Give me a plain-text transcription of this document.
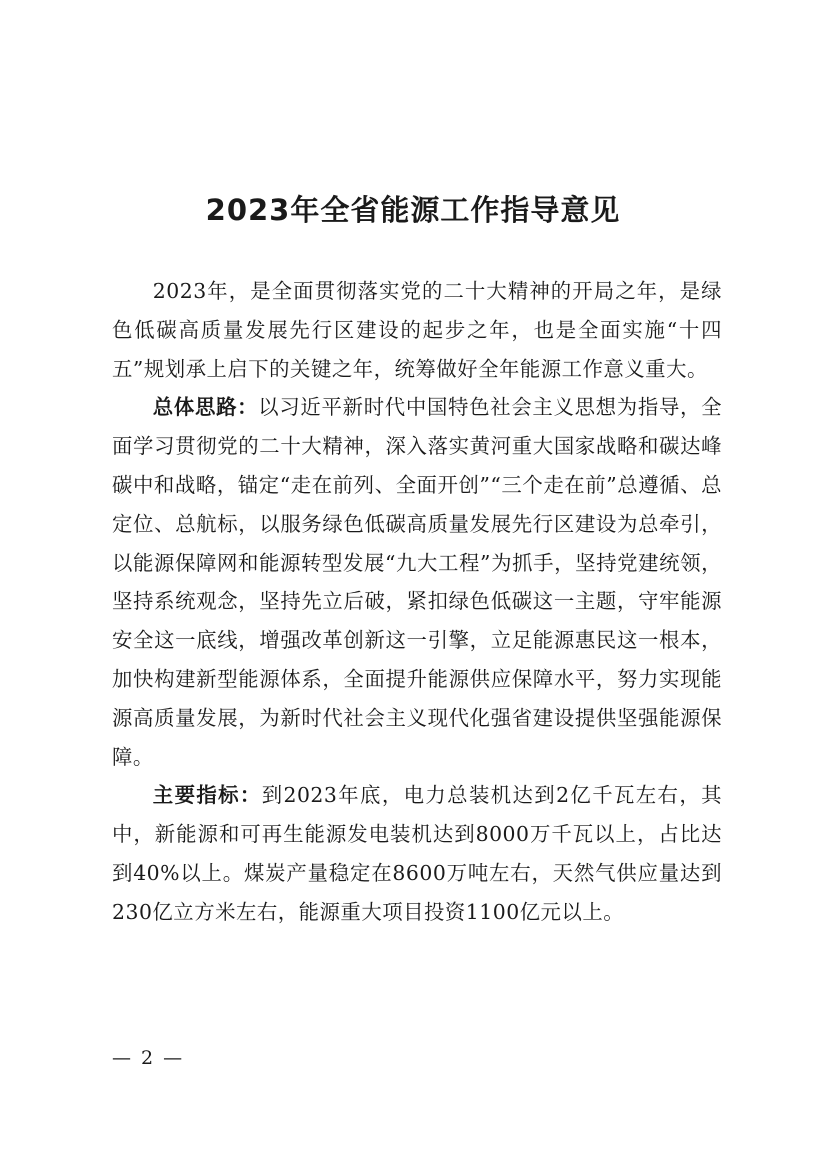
2023年全省能源工作指导意见

2023年，是全面贯彻落实党的二十大精神的开局之年，是绿色低碳高质量发展先行区建设的起步之年，也是全面实施“十四五”规划承上启下的关键之年，统筹做好全年能源工作意义重大。

总体思路：以习近平新时代中国特色社会主义思想为指导，全面学习贯彻党的二十大精神，深入落实黄河重大国家战略和碳达峰碳中和战略，锚定“走在前列、全面开创”“三个走在前”总遵循、总定位、总航标，以服务绿色低碳高质量发展先行区建设为总牵引，以能源保障网和能源转型发展“九大工程”为抓手，坚持党建统领，坚持系统观念，坚持先立后破，紧扣绿色低碳这一主题，守牢能源安全这一底线，增强改革创新这一引擎，立足能源惠民这一根本，加快构建新型能源体系，全面提升能源供应保障水平，努力实现能源高质量发展，为新时代社会主义现代化强省建设提供坚强能源保障。

主要指标：到2023年底，电力总装机达到2亿千瓦左右，其中，新能源和可再生能源发电装机达到8000万千瓦以上，占比达到40%以上。煤炭产量稳定在8600万吨左右，天然气供应量达到230亿立方米左右，能源重大项目投资1100亿元以上。

— 2 —
